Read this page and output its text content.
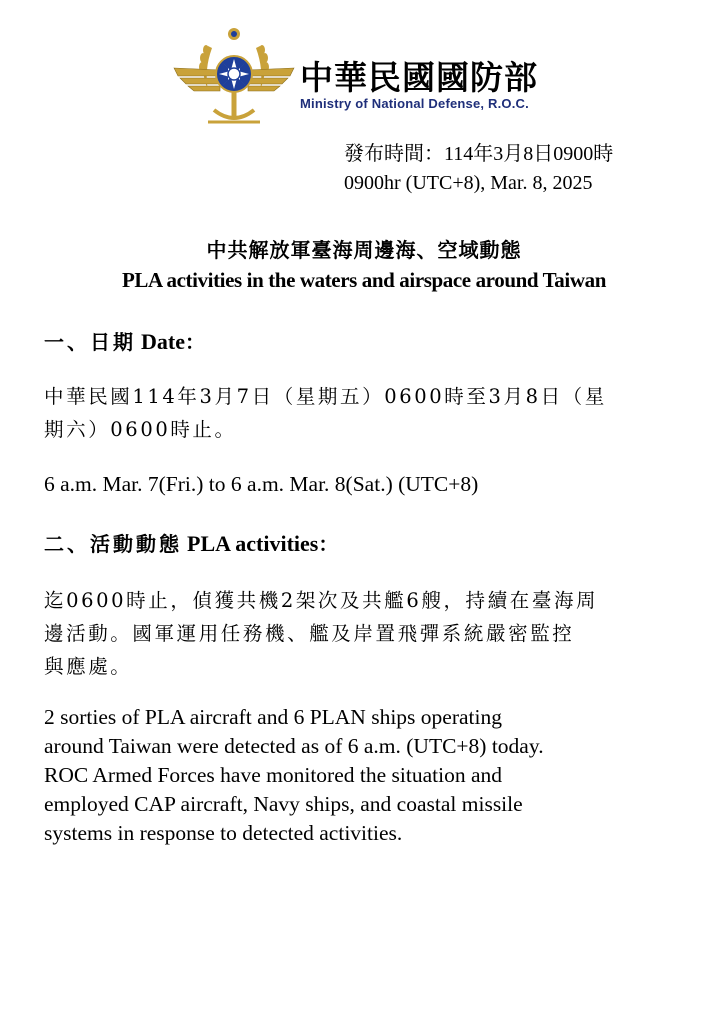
中華民國國防部
Ministry of National Defense, R.O.C.
發布時間：114年3月8日0900時
0900hr (UTC+8), Mar. 8, 2025
中共解放軍臺海周邊海、空域動態
PLA activities in the waters and airspace around Taiwan
一、日期 Date：
中華民國114年3月7日（星期五）0600時至3月8日（星
期六）0600時止。
6 a.m. Mar. 7(Fri.) to 6 a.m. Mar. 8(Sat.) (UTC+8)
二、活動動態 PLA activities：
迄0600時止，偵獲共機2架次及共艦6艘，持續在臺海周
邊活動。國軍運用任務機、艦及岸置飛彈系統嚴密監控
與應處。
2 sorties of PLA aircraft and 6 PLAN ships operating
around Taiwan were detected as of 6 a.m. (UTC+8) today.
ROC Armed Forces have monitored the situation and
employed CAP aircraft, Navy ships, and coastal missile
systems in response to detected activities.
